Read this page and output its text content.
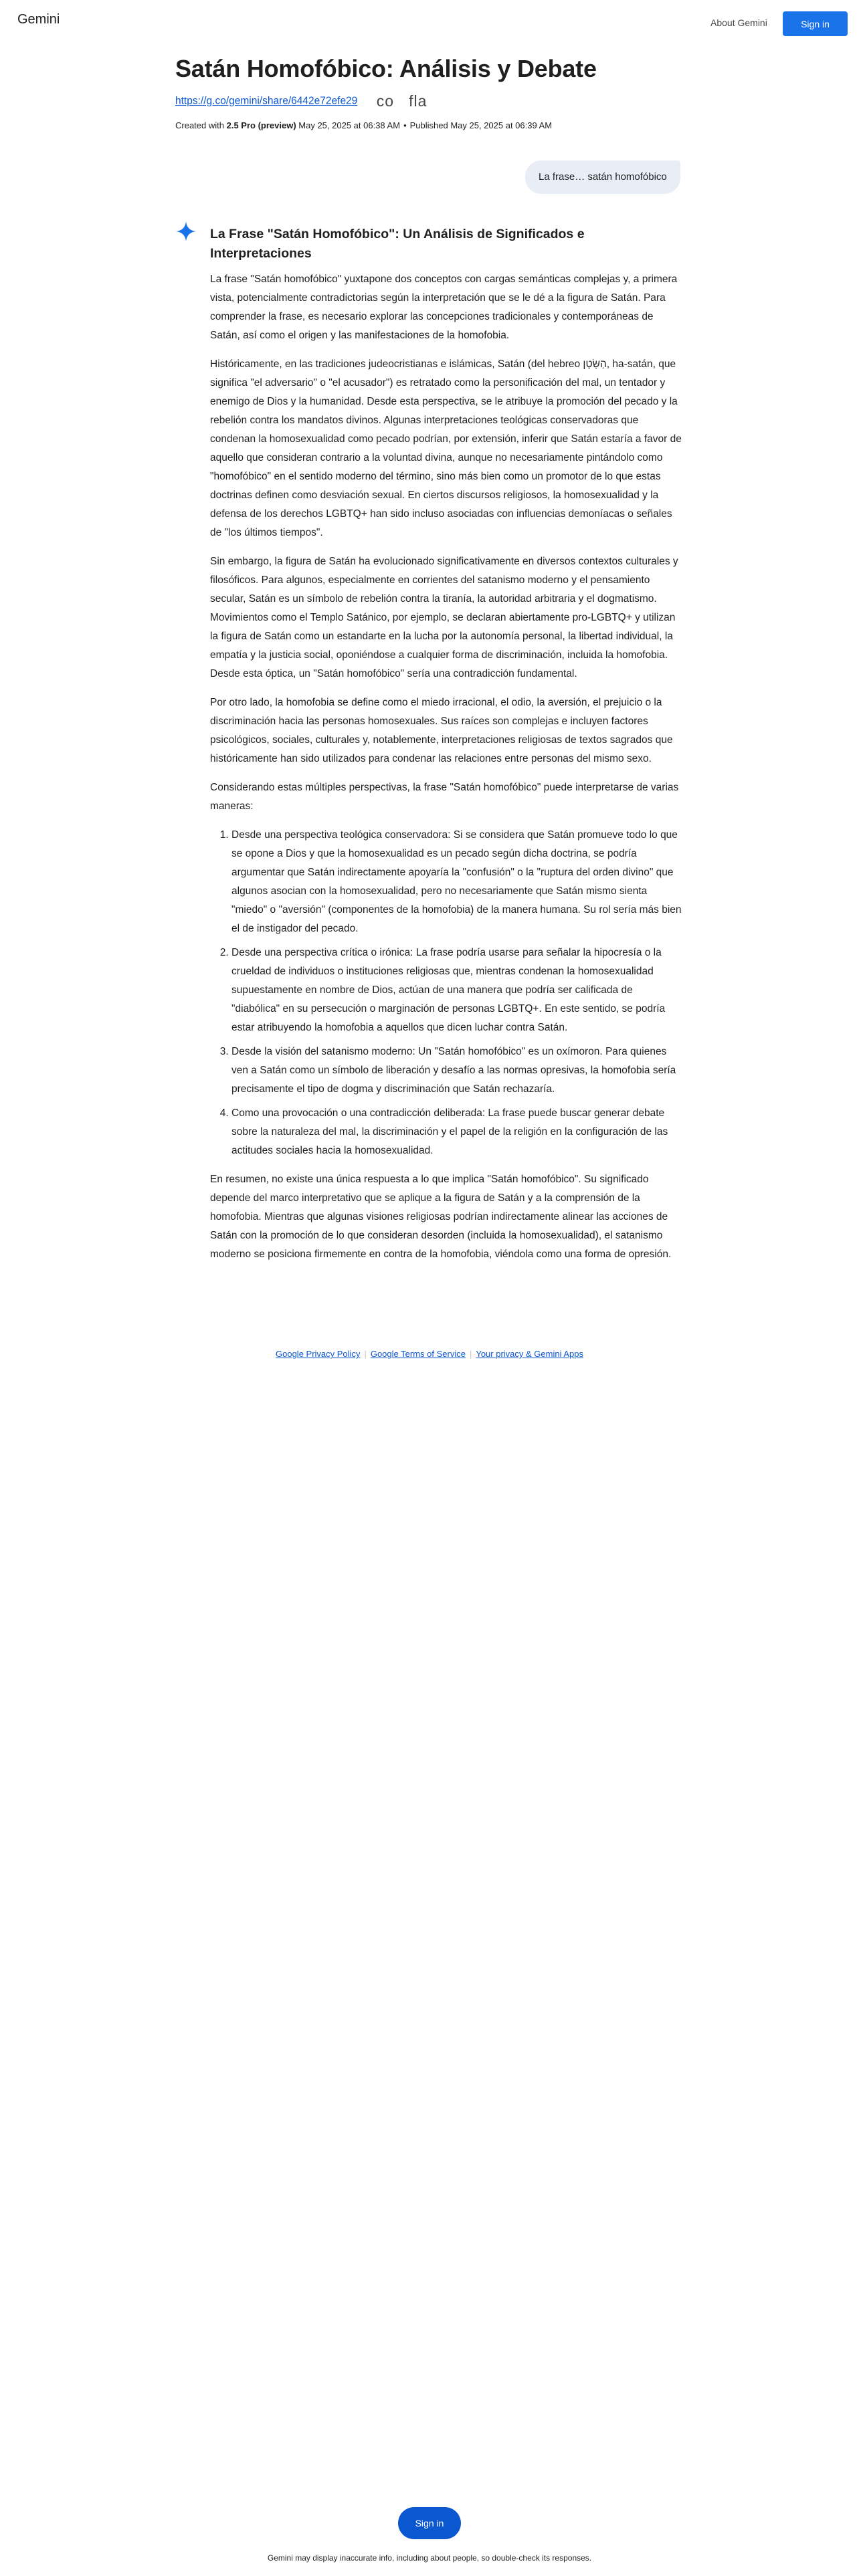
Gemini	About Gemini	Sign in
Satán Homofóbico: Análisis y Debate
https://g.co/gemini/share/6442e72efe29 co fla
Created with 2.5 Pro (preview) May 25, 2025 at 06:38 AM • Published May 25, 2025 at 06:39 AM
La frase… satán homofóbico
La Frase "Satán Homofóbico": Un Análisis de Significados e Interpretaciones

La frase "Satán homofóbico" yuxtapone dos conceptos con cargas semánticas complejas y, a primera vista, potencialmente contradictorias según la interpretación que se le dé a la figura de Satán. Para comprender la frase, es necesario explorar las concepciones tradicionales y contemporáneas de Satán, así como el origen y las manifestaciones de la homofobia.

Históricamente, en las tradiciones judeocristianas e islámicas, Satán (del hebreo הַשָּׂטָן, ha-satán, que significa "el adversario" o "el acusador") es retratado como la personificación del mal, un tentador y enemigo de Dios y la humanidad. Desde esta perspectiva, se le atribuye la promoción del pecado y la rebelión contra los mandatos divinos. Algunas interpretaciones teológicas conservadoras que condenan la homosexualidad como pecado podrían, por extensión, inferir que Satán estaría a favor de aquello que consideran contrario a la voluntad divina, aunque no necesariamente pintándolo como "homofóbico" en el sentido moderno del término, sino más bien como un promotor de lo que estas doctrinas definen como desviación sexual. En ciertos discursos religiosos, la homosexualidad y la defensa de los derechos LGBTQ+ han sido incluso asociadas con influencias demoníacas o señales de "los últimos tiempos".

Sin embargo, la figura de Satán ha evolucionado significativamente en diversos contextos culturales y filosóficos. Para algunos, especialmente en corrientes del satanismo moderno y el pensamiento secular, Satán es un símbolo de rebelión contra la tiranía, la autoridad arbitraria y el dogmatismo. Movimientos como el Templo Satánico, por ejemplo, se declaran abiertamente pro-LGBTQ+ y utilizan la figura de Satán como un estandarte en la lucha por la autonomía personal, la libertad individual, la empatía y la justicia social, oponiéndose a cualquier forma de discriminación, incluida la homofobia. Desde esta óptica, un "Satán homofóbico" sería una contradicción fundamental.

Por otro lado, la homofobia se define como el miedo irracional, el odio, la aversión, el prejuicio o la discriminación hacia las personas homosexuales. Sus raíces son complejas e incluyen factores psicológicos, sociales, culturales y, notablemente, interpretaciones religiosas de textos sagrados que históricamente han sido utilizados para condenar las relaciones entre personas del mismo sexo.

Considerando estas múltiples perspectivas, la frase "Satán homofóbico" puede interpretarse de varias maneras:

1. Desde una perspectiva teológica conservadora: Si se considera que Satán promueve todo lo que se opone a Dios y que la homosexualidad es un pecado según dicha doctrina, se podría argumentar que Satán indirectamente apoyaría la "confusión" o la "ruptura del orden divino" que algunos asocian con la homosexualidad, pero no necesariamente que Satán mismo sienta "miedo" o "aversión" (componentes de la homofobia) de la manera humana. Su rol sería más bien el de instigador del pecado.
2. Desde una perspectiva crítica o irónica: La frase podría usarse para señalar la hipocresía o la crueldad de individuos o instituciones religiosas que, mientras condenan la homosexualidad supuestamente en nombre de Dios, actúan de una manera que podría ser calificada de "diabólica" en su persecución o marginación de personas LGBTQ+. En este sentido, se podría estar atribuyendo la homofobia a aquellos que dicen luchar contra Satán.
3. Desde la visión del satanismo moderno: Un "Satán homofóbico" es un oxímoron. Para quienes ven a Satán como un símbolo de liberación y desafío a las normas opresivas, la homofobia sería precisamente el tipo de dogma y discriminación que Satán rechazaría.
4. Como una provocación o una contradicción deliberada: La frase puede buscar generar debate sobre la naturaleza del mal, la discriminación y el papel de la religión en la configuración de las actitudes sociales hacia la homosexualidad.

En resumen, no existe una única respuesta a lo que implica "Satán homofóbico". Su significado depende del marco interpretativo que se aplique a la figura de Satán y a la comprensión de la homofobia. Mientras que algunas visiones religiosas podrían indirectamente alinear las acciones de Satán con la promoción de lo que consideran desorden (incluida la homosexualidad), el satanismo moderno se posiciona firmemente en contra de la homofobia, viéndola como una forma de opresión.

Google Privacy Policy | Google Terms of Service | Your privacy & Gemini Apps
Sign in
Gemini may display inaccurate info, including about people, so double-check its responses.
